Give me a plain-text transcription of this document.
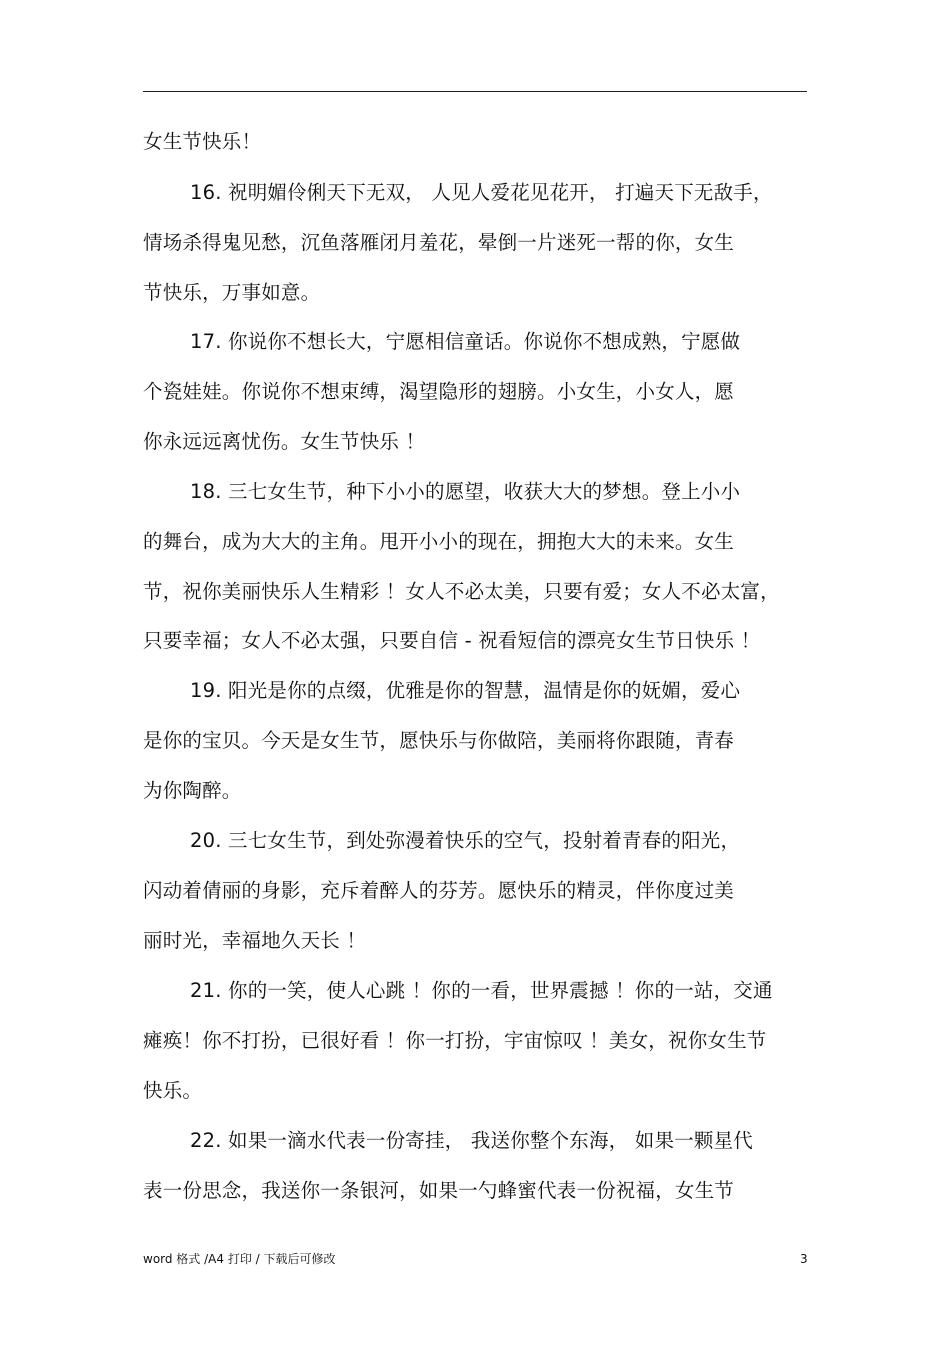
女生节快乐！
16. 祝明媚伶俐天下无双， 人见人爱花见花开， 打遍天下无敌手，
情场杀得鬼见愁，沉鱼落雁闭月羞花，晕倒一片迷死一帮的你，女生
节快乐，万事如意。
17. 你说你不想长大，宁愿相信童话。你说你不想成熟，宁愿做
个瓷娃娃。你说你不想束缚，渴望隐形的翅膀。小女生，小女人，愿
你永远远离忧伤。女生节快乐 ！
18. 三七女生节，种下小小的愿望，收获大大的梦想。登上小小
的舞台，成为大大的主角。甩开小小的现在，拥抱大大的未来。女生
节，祝你美丽快乐人生精彩 ！女人不必太美，只要有爱；女人不必太富，
只要幸福；女人不必太强，只要自信 - 祝看短信的漂亮女生节日快乐 ！
19. 阳光是你的点缀，优雅是你的智慧，温情是你的妩媚，爱心
是你的宝贝。今天是女生节，愿快乐与你做陪，美丽将你跟随，青春
为你陶醉。
20. 三七女生节，到处弥漫着快乐的空气，投射着青春的阳光，
闪动着倩丽的身影，充斥着醉人的芬芳。愿快乐的精灵，伴你度过美
丽时光，幸福地久天长 ！
21. 你的一笑，使人心跳 ！你的一看，世界震撼 ！你的一站，交通
瘫痪！你不打扮，已很好看 ！你一打扮，宇宙惊叹 ！美女，祝你女生节
快乐。
22. 如果一滴水代表一份寄挂， 我送你整个东海， 如果一颗星代
表一份思念，我送你一条银河，如果一勺蜂蜜代表一份祝福，女生节
word 格式 /A4 打印 / 下载后可修改	3
